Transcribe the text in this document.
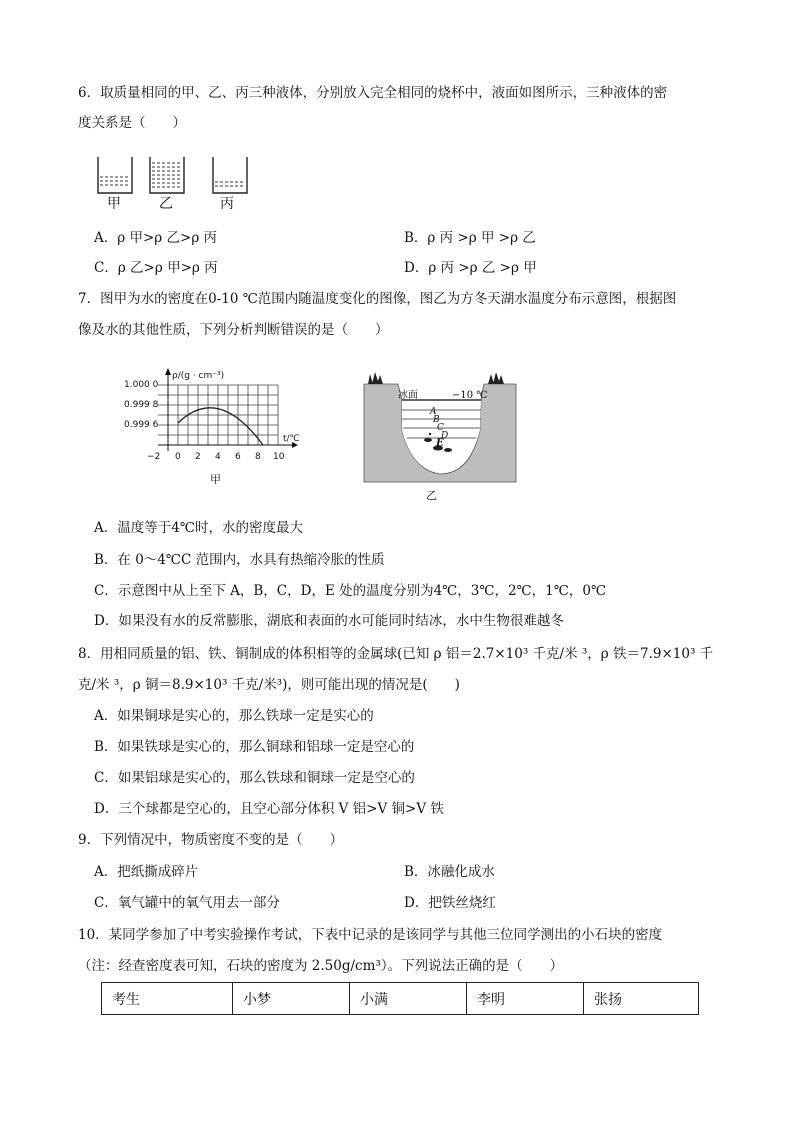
6．取质量相同的甲、乙、丙三种液体，分别放入完全相同的烧杯中，液面如图所示，三种液体的密
度关系是（　　）
甲	乙	丙
A．ρ 甲>ρ 乙>ρ 丙	B．ρ 丙 >ρ 甲 >ρ 乙
C．ρ 乙>ρ 甲>ρ 丙	D．ρ 丙 >ρ 乙 >ρ 甲
7．图甲为水的密度在0-10 ℃范围内随温度变化的图像，图乙为方冬天湖水温度分布示意图，根据图
像及水的其他性质，下列分析判断错误的是（　　）
ρ/(g · cm⁻³)
1.000 0
0.999 8
0.999 6
t/℃
−2 0 2 4 6 8 10
甲
冰面	−10 ℃
A
B
C
D
E
乙
A．温度等于4℃时，水的密度最大
B．在 0～4℃C 范围内，水具有热缩冷胀的性质
C．示意图中从上至下 A，B，C，D，E 处的温度分别为4℃，3℃，2℃，1℃，0℃
D．如果没有水的反常膨胀，湖底和表面的水可能同时结冰，水中生物很难越冬
8．用相同质量的铝、铁、铜制成的体积相等的金属球(已知 ρ 铝＝2.7×10³ 千克/米 ³，ρ 铁＝7.9×10³ 千
克/米 ³，ρ 铜＝8.9×10³ 千克/米³)，则可能出现的情况是(　　)
A．如果铜球是实心的，那么铁球一定是实心的
B．如果铁球是实心的，那么铜球和铝球一定是空心的
C．如果铝球是实心的，那么铁球和铜球一定是空心的
D．三个球都是空心的，且空心部分体积 V 铝>V 铜>V 铁
9．下列情况中，物质密度不变的是（　　）
A．把纸撕成碎片	B．冰融化成水
C．氧气罐中的氧气用去一部分	D．把铁丝烧红
10．某同学参加了中考实验操作考试，下表中记录的是该同学与其他三位同学测出的小石块的密度
（注：经查密度表可知，石块的密度为 2.50g/cm³）。下列说法正确的是（　　）
考生	小梦	小满	李明	张扬
